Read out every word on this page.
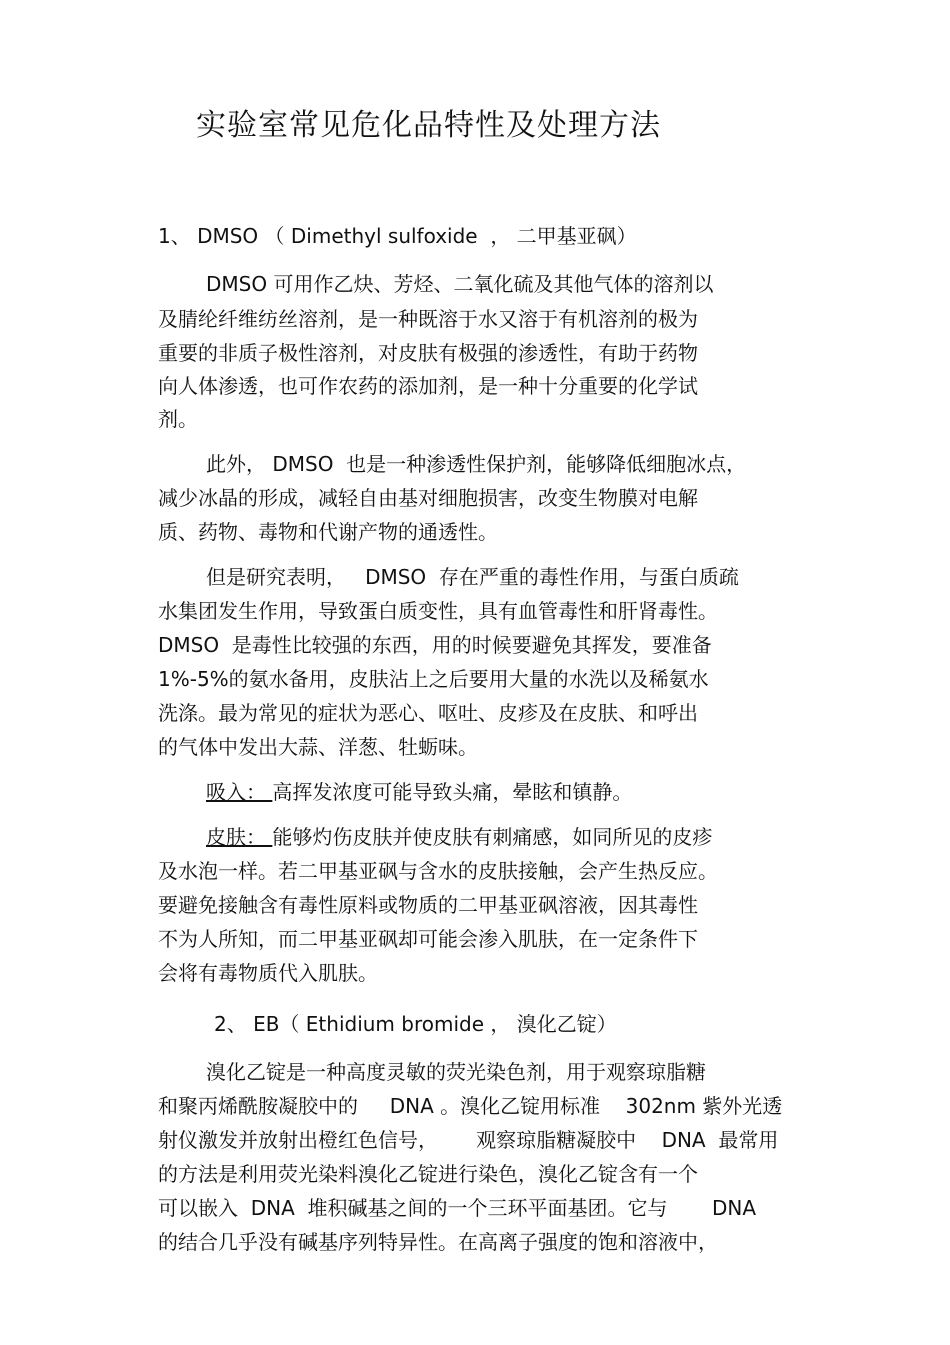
实验室常见危化品特性及处理方法

1、 DMSO （ Dimethyl sulfoxide  ， 二甲基亚砜）

DMSO 可用作乙炔、芳烃、二氧化硫及其他气体的溶剂以

及腈纶纤维纺丝溶剂，是一种既溶于水又溶于有机溶剂的极为

重要的非质子极性溶剂，对皮肤有极强的渗透性，有助于药物

向人体渗透，也可作农药的添加剂，是一种十分重要的化学试

剂。

此外， DMSO  也是一种渗透性保护剂，能够降低细胞冰点，

减少冰晶的形成，减轻自由基对细胞损害，改变生物膜对电解

质、药物、毒物和代谢产物的通透性。

但是研究表明，   DMSO  存在严重的毒性作用，与蛋白质疏

水集团发生作用，导致蛋白质变性，具有血管毒性和肝肾毒性。

DMSO  是毒性比较强的东西，用的时候要避免其挥发，要准备

1%-5%的氨水备用，皮肤沾上之后要用大量的水洗以及稀氨水

洗涤。最为常见的症状为恶心、呕吐、皮疹及在皮肤、和呼出

的气体中发出大蒜、洋葱、牡蛎味。

吸入： 高挥发浓度可能导致头痛，晕眩和镇静。

皮肤： 能够灼伤皮肤并使皮肤有刺痛感，如同所见的皮疹

及水泡一样。若二甲基亚砜与含水的皮肤接触，会产生热反应。

要避免接触含有毒性原料或物质的二甲基亚砜溶液，因其毒性

不为人所知，而二甲基亚砜却可能会渗入肌肤，在一定条件下

会将有毒物质代入肌肤。

2、 EB（ Ethidium bromide ， 溴化乙锭）

溴化乙锭是一种高度灵敏的荧光染色剂，用于观察琼脂糖

和聚丙烯酰胺凝胶中的     DNA 。溴化乙锭用标准    302nm 紫外光透

射仪激发并放射出橙红色信号，      观察琼脂糖凝胶中    DNA  最常用

的方法是利用荧光染料溴化乙锭进行染色，溴化乙锭含有一个

可以嵌入  DNA  堆积碱基之间的一个三环平面基团。它与       DNA

的结合几乎没有碱基序列特异性。在高离子强度的饱和溶液中，
